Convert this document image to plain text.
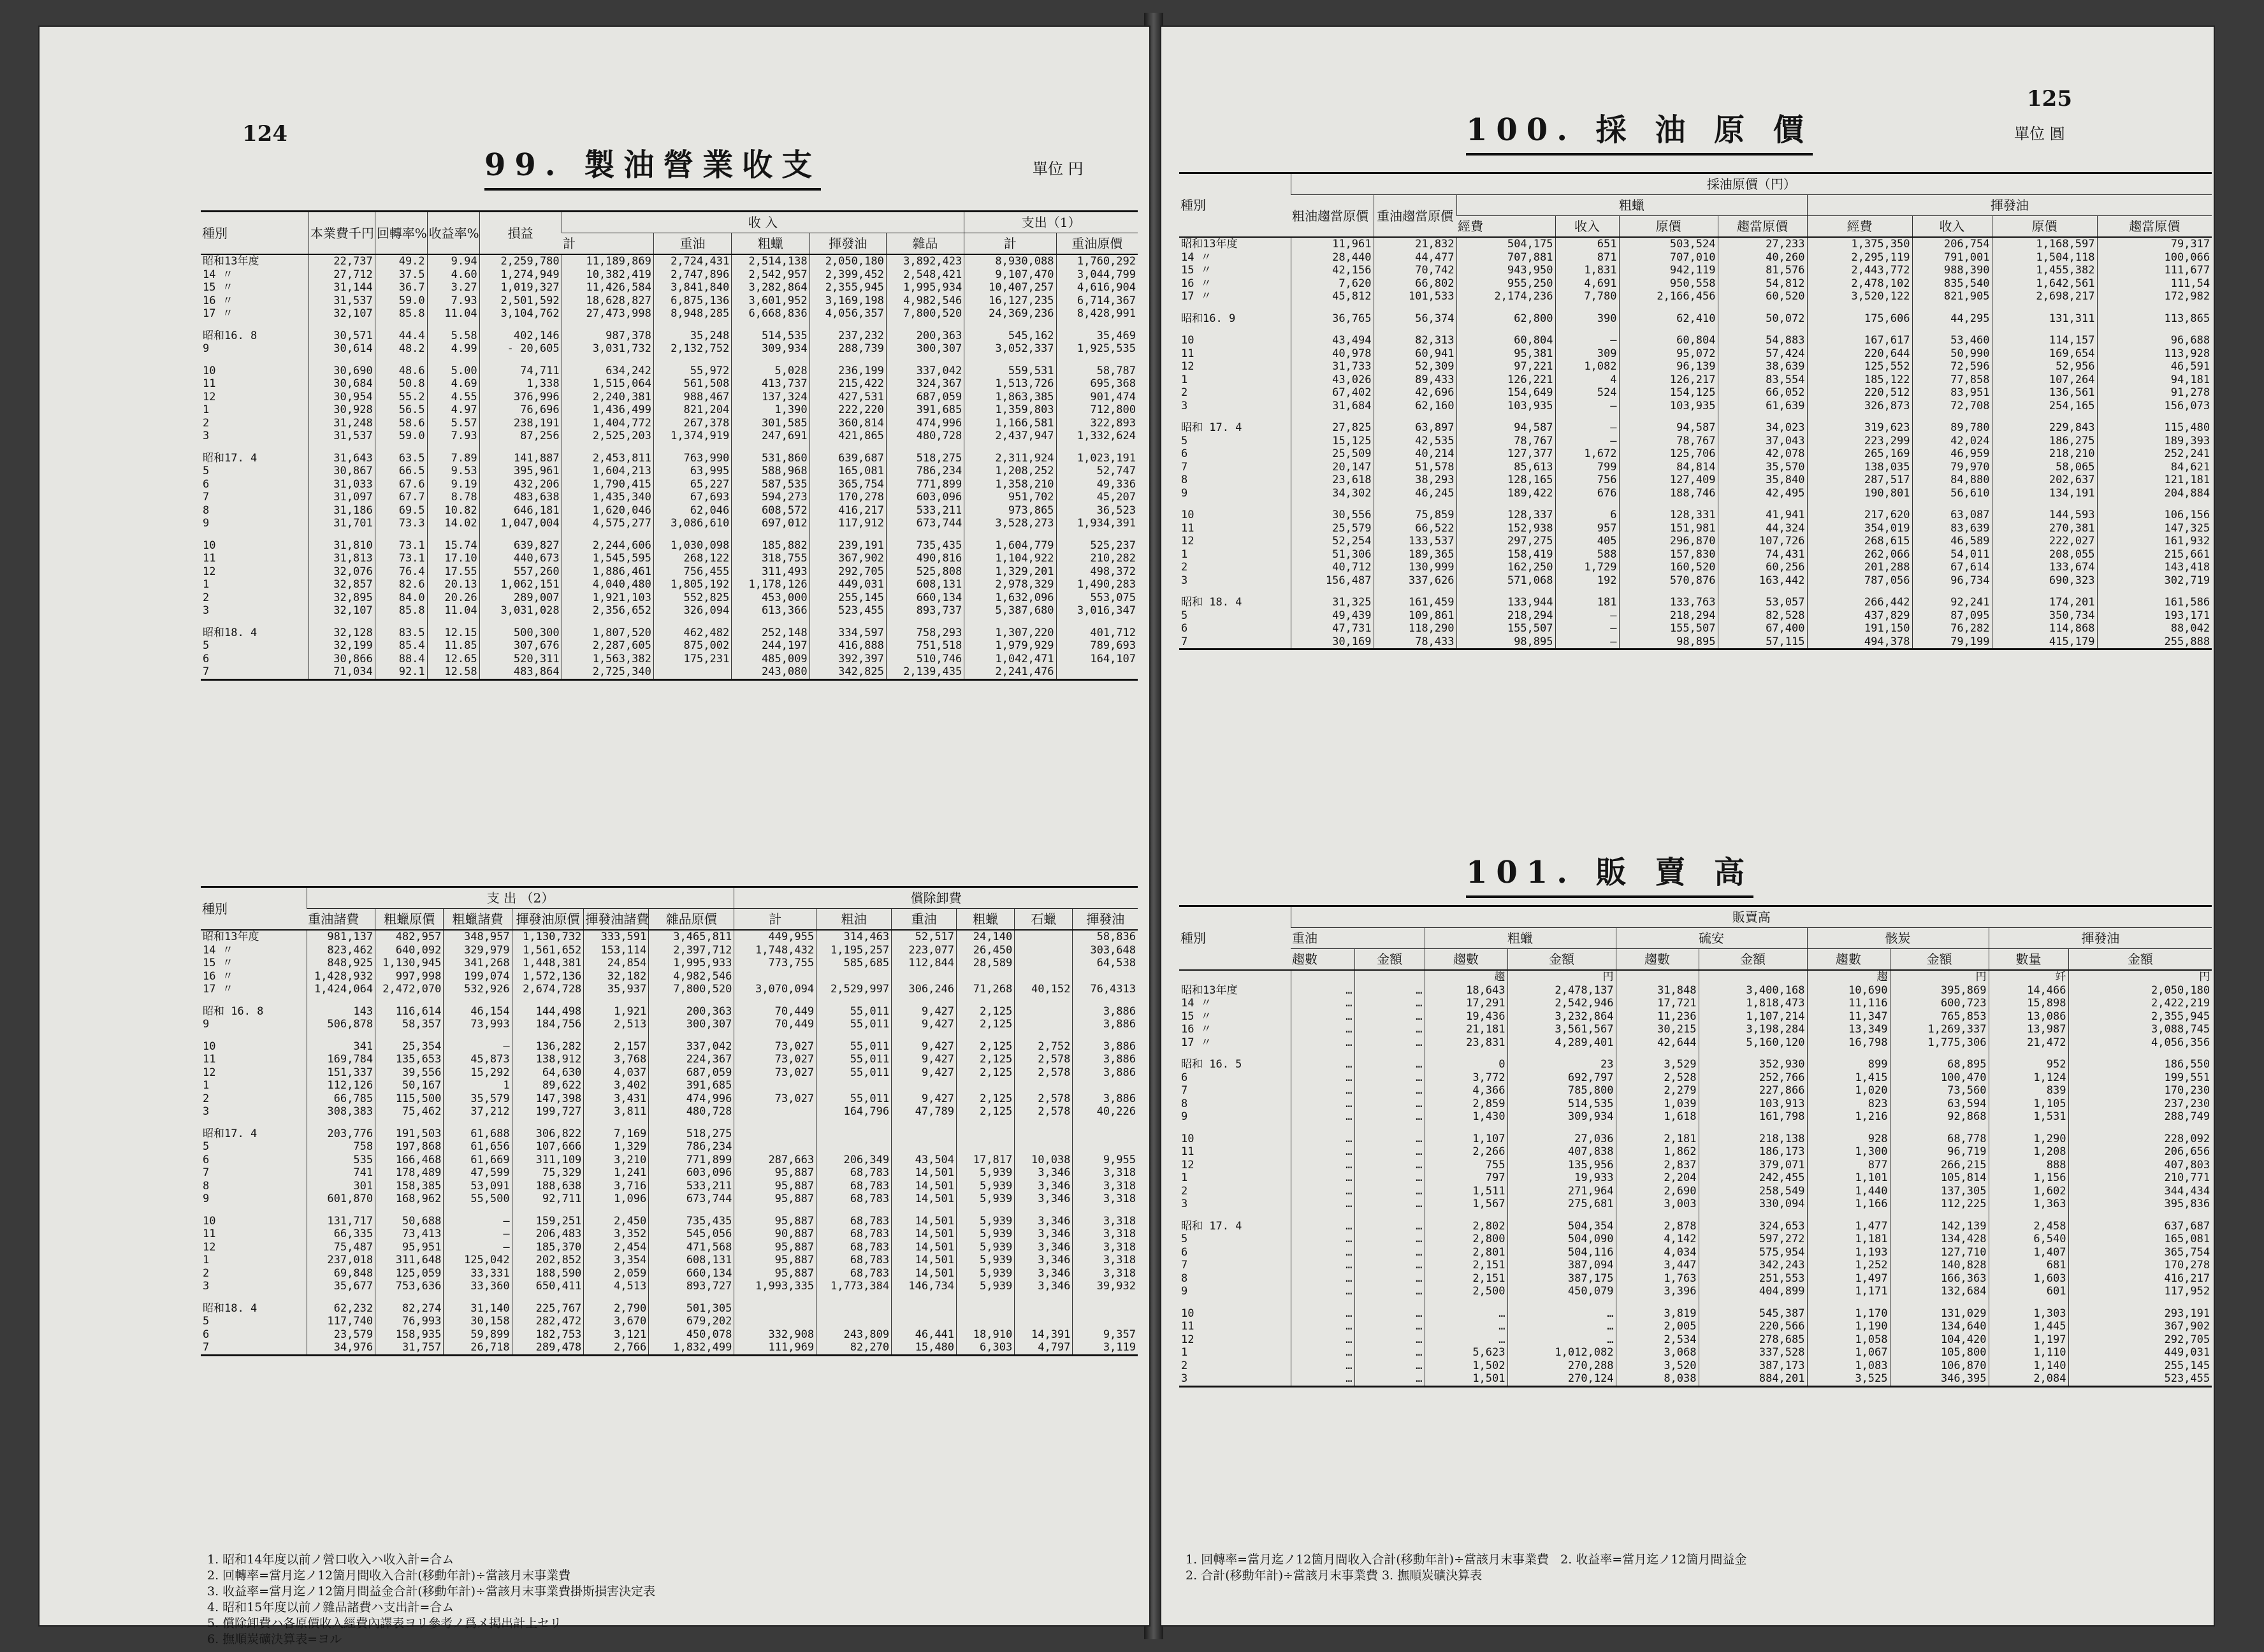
124
99. 製油營業收支	單位 円
種別	本業費千円	回轉率%	收益率%	損益	收 入					支出（1）	
					計	重油	粗蠟	揮發油	雜品	計	重油原價
昭和13年度	22,737	49.2	9.94	2,259,780	11,189,869	2,724,431	2,514,138	2,050,180	3,892,423	8,930,088	1,760,292
14 〃	27,712	37.5	4.60	1,274,949	10,382,419	2,747,896	2,542,957	2,399,452	2,548,421	9,107,470	3,044,799
15 〃	31,144	36.7	3.27	1,019,327	11,426,584	3,841,840	3,282,864	2,355,945	1,995,934	10,407,257	4,616,904
16 〃	31,537	59.0	7.93	2,501,592	18,628,827	6,875,136	3,601,952	3,169,198	4,982,546	16,127,235	6,714,367
17 〃	32,107	85.8	11.04	3,104,762	27,473,998	8,948,285	6,668,836	4,056,357	7,800,520	24,369,236	8,428,991

昭和16. 8	30,571	44.4	5.58	402,146	987,378	35,248	514,535	237,232	200,363	545,162	35,469
9	30,614	48.2	4.99	- 20,605	3,031,732	2,132,752	309,934	288,739	300,307	3,052,337	1,925,535

10	30,690	48.6	5.00	74,711	634,242	55,972	5,028	236,199	337,042	559,531	58,787
11	30,684	50.8	4.69	1,338	1,515,064	561,508	413,737	215,422	324,367	1,513,726	695,368
12	30,954	55.2	4.55	376,996	2,240,381	988,467	137,324	427,531	687,059	1,863,385	901,474
1	30,928	56.5	4.97	76,696	1,436,499	821,204	1,390	222,220	391,685	1,359,803	712,800
2	31,248	58.6	5.57	238,191	1,404,772	267,378	301,585	360,814	474,996	1,166,581	322,893
3	31,537	59.0	7.93	87,256	2,525,203	1,374,919	247,691	421,865	480,728	2,437,947	1,332,624

昭和17. 4	31,643	63.5	7.89	141,887	2,453,811	763,990	531,860	639,687	518,275	2,311,924	1,023,191
5	30,867	66.5	9.53	395,961	1,604,213	63,995	588,968	165,081	786,234	1,208,252	52,747
6	31,033	67.6	9.19	432,206	1,790,415	65,227	587,535	365,754	771,899	1,358,210	49,336
7	31,097	67.7	8.78	483,638	1,435,340	67,693	594,273	170,278	603,096	951,702	45,207
8	31,186	69.5	10.82	646,181	1,620,046	62,046	608,572	416,217	533,211	973,865	36,523
9	31,701	73.3	14.02	1,047,004	4,575,277	3,086,610	697,012	117,912	673,744	3,528,273	1,934,391

10	31,810	73.1	15.74	639,827	2,244,606	1,030,098	185,882	239,191	735,435	1,604,779	525,237
11	31,813	73.1	17.10	440,673	1,545,595	268,122	318,755	367,902	490,816	1,104,922	210,282
12	32,076	76.4	17.55	557,260	1,886,461	756,455	311,493	292,705	525,808	1,329,201	498,372
1	32,857	82.6	20.13	1,062,151	4,040,480	1,805,192	1,178,126	449,031	608,131	2,978,329	1,490,283
2	32,895	84.0	20.26	289,007	1,921,103	552,825	453,000	255,145	660,134	1,632,096	553,075
3	32,107	85.8	11.04	3,031,028	2,356,652	326,094	613,366	523,455	893,737	5,387,680	3,016,347

昭和18. 4	32,128	83.5	12.15	500,300	1,807,520	462,482	252,148	334,597	758,293	1,307,220	401,712
5	32,199	85.4	11.85	307,676	2,287,605	875,002	244,197	416,888	751,518	1,979,929	789,693
6	30,866	88.4	12.65	520,311	1,563,382	175,231	485,009	392,397	510,746	1,042,471	164,107
7	71,034	92.1	12.58	483,864	2,725,340		243,080	342,825	2,139,435	2,241,476	
種別	支 出 （2）						償除卸費					
	重油諸費	粗蠟原價	粗蠟諸費	揮發油原價	揮發油諸費	雜品原價	計	粗油	重油	粗蠟	石蠟	揮發油
昭和13年度	981,137	482,957	348,957	1,130,732	333,591	3,465,811	449,955	314,463	52,517	24,140		58,836
14 〃	823,462	640,092	329,979	1,561,652	153,114	2,397,712	1,748,432	1,195,257	223,077	26,450		303,648
15 〃	848,925	1,130,945	341,268	1,448,381	24,854	1,995,933	773,755	585,685	112,844	28,589		64,538
16 〃	1,428,932	997,998	199,074	1,572,136	32,182	4,982,546						
17 〃	1,424,064	2,472,070	532,926	2,674,728	35,937	7,800,520	3,070,094	2,529,997	306,246	71,268	40,152	76,4313

昭和 16. 8	143	116,614	46,154	144,498	1,921	200,363	70,449	55,011	9,427	2,125		3,886
9	506,878	58,357	73,993	184,756	2,513	300,307	70,449	55,011	9,427	2,125		3,886

10	341	25,354	—	136,282	2,157	337,042	73,027	55,011	9,427	2,125	2,752	3,886
11	169,784	135,653	45,873	138,912	3,768	224,367	73,027	55,011	9,427	2,125	2,578	3,886
12	151,337	39,556	15,292	64,630	4,037	687,059	73,027	55,011	9,427	2,125	2,578	3,886
1	112,126	50,167	1	89,622	3,402	391,685						
2	66,785	115,500	35,579	147,398	3,431	474,996	73,027	55,011	9,427	2,125	2,578	3,886
3	308,383	75,462	37,212	199,727	3,811	480,728		164,796	47,789	2,125	2,578	40,226

昭和17. 4	203,776	191,503	61,688	306,822	7,169	518,275						
5	758	197,868	61,656	107,666	1,329	786,234						
6	535	166,468	61,669	311,109	3,210	771,899	287,663	206,349	43,504	17,817	10,038	9,955
7	741	178,489	47,599	75,329	1,241	603,096	95,887	68,783	14,501	5,939	3,346	3,318
8	301	158,385	53,091	188,638	3,716	533,211	95,887	68,783	14,501	5,939	3,346	3,318
9	601,870	168,962	55,500	92,711	1,096	673,744	95,887	68,783	14,501	5,939	3,346	3,318

10	131,717	50,688	—	159,251	2,450	735,435	95,887	68,783	14,501	5,939	3,346	3,318
11	66,335	73,413	—	206,483	3,352	545,056	90,887	68,783	14,501	5,939	3,346	3,318
12	75,487	95,951	—	185,370	2,454	471,568	95,887	68,783	14,501	5,939	3,346	3,318
1	237,018	311,648	125,042	202,852	3,354	608,131	95,887	68,783	14,501	5,939	3,346	3,318
2	69,848	125,059	33,331	188,590	2,059	660,134	95,887	68,783	14,501	5,939	3,346	3,318
3	35,677	753,636	33,360	650,411	4,513	893,727	1,993,335	1,773,384	146,734	5,939	3,346	39,932

昭和18. 4	62,232	82,274	31,140	225,767	2,790	501,305						
5	117,740	76,993	30,158	282,472	3,670	679,202						
6	23,579	158,935	59,899	182,753	3,121	450,078	332,908	243,809	46,441	18,910	14,391	9,357
7	34,976	31,757	26,718	289,478	2,766	1,832,499	111,969	82,270	15,480	6,303	4,797	3,119
1. 昭和14年度以前ノ營口收入ハ收入計=合ム
2. 回轉率=當月迄ノ12箇月間收入合計(移動年計)÷當該月末事業費
3. 收益率=當月迄ノ12箇月間益金合計(移動年計)÷當該月末事業費掛斯損害決定表
4. 昭和15年度以前ノ雜品諸費ハ支出計=合ム
5. 償除卸費ハ各原價收入經費內譯表ヨリ參考ノ爲メ掲出計上セリ
6. 撫順炭礦決算表=ヨル
125
100. 採 油 原 價	單位 圓
種別	採油原價（円）									
	粗油趨當原價	重油趨當原價	粗蠟				揮發油			
			經費	收入	原價	趨當原價	經費	收入	原價	趨當原價
昭和13年度	11,961	21,832	504,175	651	503,524	27,233	1,375,350	206,754	1,168,597	79,317
14 〃	28,440	44,477	707,881	871	707,010	40,260	2,295,119	791,001	1,504,118	100,066
15 〃	42,156	70,742	943,950	1,831	942,119	81,576	2,443,772	988,390	1,455,382	111,677
16 〃	7,620	66,802	955,250	4,691	950,558	54,812	2,478,102	835,540	1,642,561	111,54
17 〃	45,812	101,533	2,174,236	7,780	2,166,456	60,520	3,520,122	821,905	2,698,217	172,982

昭和16. 9	36,765	56,374	62,800	390	62,410	50,072	175,606	44,295	131,311	113,865

10	43,494	82,313	60,804	—	60,804	54,883	167,617	53,460	114,157	96,688
11	40,978	60,941	95,381	309	95,072	57,424	220,644	50,990	169,654	113,928
12	31,733	52,309	97,221	1,082	96,139	38,639	125,552	72,596	52,956	46,591
1	43,026	89,433	126,221	4	126,217	83,554	185,122	77,858	107,264	94,181
2	67,402	42,696	154,649	524	154,125	66,052	220,512	83,951	136,561	91,278
3	31,684	62,160	103,935	—	103,935	61,639	326,873	72,708	254,165	156,073

昭和 17. 4	27,825	63,897	94,587	—	94,587	34,023	319,623	89,780	229,843	115,480
5	15,125	42,535	78,767	—	78,767	37,043	223,299	42,024	186,275	189,393
6	25,509	40,214	127,377	1,672	125,706	42,078	265,169	46,959	218,210	252,241
7	20,147	51,578	85,613	799	84,814	35,570	138,035	79,970	58,065	84,621
8	23,618	38,293	128,165	756	127,409	35,840	287,517	84,880	202,637	121,181
9	34,302	46,245	189,422	676	188,746	42,495	190,801	56,610	134,191	204,884

10	30,556	75,859	128,337	6	128,331	41,941	217,620	63,087	144,593	106,156
11	25,579	66,522	152,938	957	151,981	44,324	354,019	83,639	270,381	147,325
12	52,254	133,537	297,275	405	296,870	107,726	268,615	46,589	222,027	161,932
1	51,306	189,365	158,419	588	157,830	74,431	262,066	54,011	208,055	215,661
2	40,712	130,999	162,250	1,729	160,520	60,256	201,288	67,614	133,674	143,418
3	156,487	337,626	571,068	192	570,876	163,442	787,056	96,734	690,323	302,719

昭和 18. 4	31,325	161,459	133,944	181	133,763	53,057	266,442	92,241	174,201	161,586
5	49,439	109,861	218,294	—	218,294	82,528	437,829	87,095	350,734	193,171
6	47,731	118,290	155,507	—	155,507	67,400	191,150	76,282	114,868	88,042
7	30,169	78,433	98,895	—	98,895	57,115	494,378	79,199	415,179	255,888
101. 販 賣 高
種別	販賣高									
	重油		粗蠟		硫安		骸炭		揮發油	
	趨數	金額	趨數	金額	趨數	金額	趨數	金額	數量	金額
			趨	円			趨	円	竏	円
昭和13年度	…	…	18,643	2,478,137	31,848	3,400,168	10,690	395,869	14,466	2,050,180
14 〃	…	…	17,291	2,542,946	17,721	1,818,473	11,116	600,723	15,898	2,422,219
15 〃	…	…	19,436	3,232,864	11,236	1,107,214	11,347	765,853	13,086	2,355,945
16 〃	…	…	21,181	3,561,567	30,215	3,198,284	13,349	1,269,337	13,987	3,088,745
17 〃	…	…	23,831	4,289,401	42,644	5,160,120	16,798	1,775,306	21,472	4,056,356

昭和 16. 5	…	…	0	23	3,529	352,930	899	68,895	952	186,550
6	…	…	3,772	692,797	2,528	252,766	1,415	100,470	1,124	199,551
7	…	…	4,366	785,800	2,279	227,866	1,020	73,560	839	170,230
8	…	…	2,859	514,535	1,039	103,913	823	63,594	1,105	237,230
9	…	…	1,430	309,934	1,618	161,798	1,216	92,868	1,531	288,749

10	…	…	1,107	27,036	2,181	218,138	928	68,778	1,290	228,092
11	…	…	2,266	407,838	1,862	186,173	1,300	96,719	1,208	206,656
12	…	…	755	135,956	2,837	379,071	877	266,215	888	407,803
1	…	…	797	19,933	2,204	242,455	1,101	105,814	1,156	210,771
2	…	…	1,511	271,964	2,690	258,549	1,440	137,305	1,602	344,434
3	…	…	1,567	275,681	3,003	330,094	1,166	112,225	1,363	395,836

昭和 17. 4	…	…	2,802	504,354	2,878	324,653	1,477	142,139	2,458	637,687
5	…	…	2,800	504,090	4,142	597,272	1,181	134,428	6,540	165,081
6	…	…	2,801	504,116	4,034	575,954	1,193	127,710	1,407	365,754
7	…	…	2,151	387,094	3,447	342,243	1,252	140,828	681	170,278
8	…	…	2,151	387,175	1,763	251,553	1,497	166,363	1,603	416,217
9	…	…	2,500	450,079	3,396	404,899	1,171	132,684	601	117,952

10	…	…	…	…	3,819	545,387	1,170	131,029	1,303	293,191
11	…	…	…	…	2,005	220,566	1,190	134,640	1,445	367,902
12	…	…	…	…	2,534	278,685	1,058	104,420	1,197	292,705
1	…	…	5,623	1,012,082	3,068	337,528	1,067	105,800	1,110	449,031
2	…	…	1,502	270,288	3,520	387,173	1,083	106,870	1,140	255,145
3	…	…	1,501	270,124	8,038	884,201	3,525	346,395	2,084	523,455
1. 回轉率=當月迄ノ12箇月間收入合計(移動年計)÷當該月末事業費   2. 收益率=當月迄ノ12箇月間益金
2. 合計(移動年計)÷當該月末事業費 3. 撫順炭礦決算表
